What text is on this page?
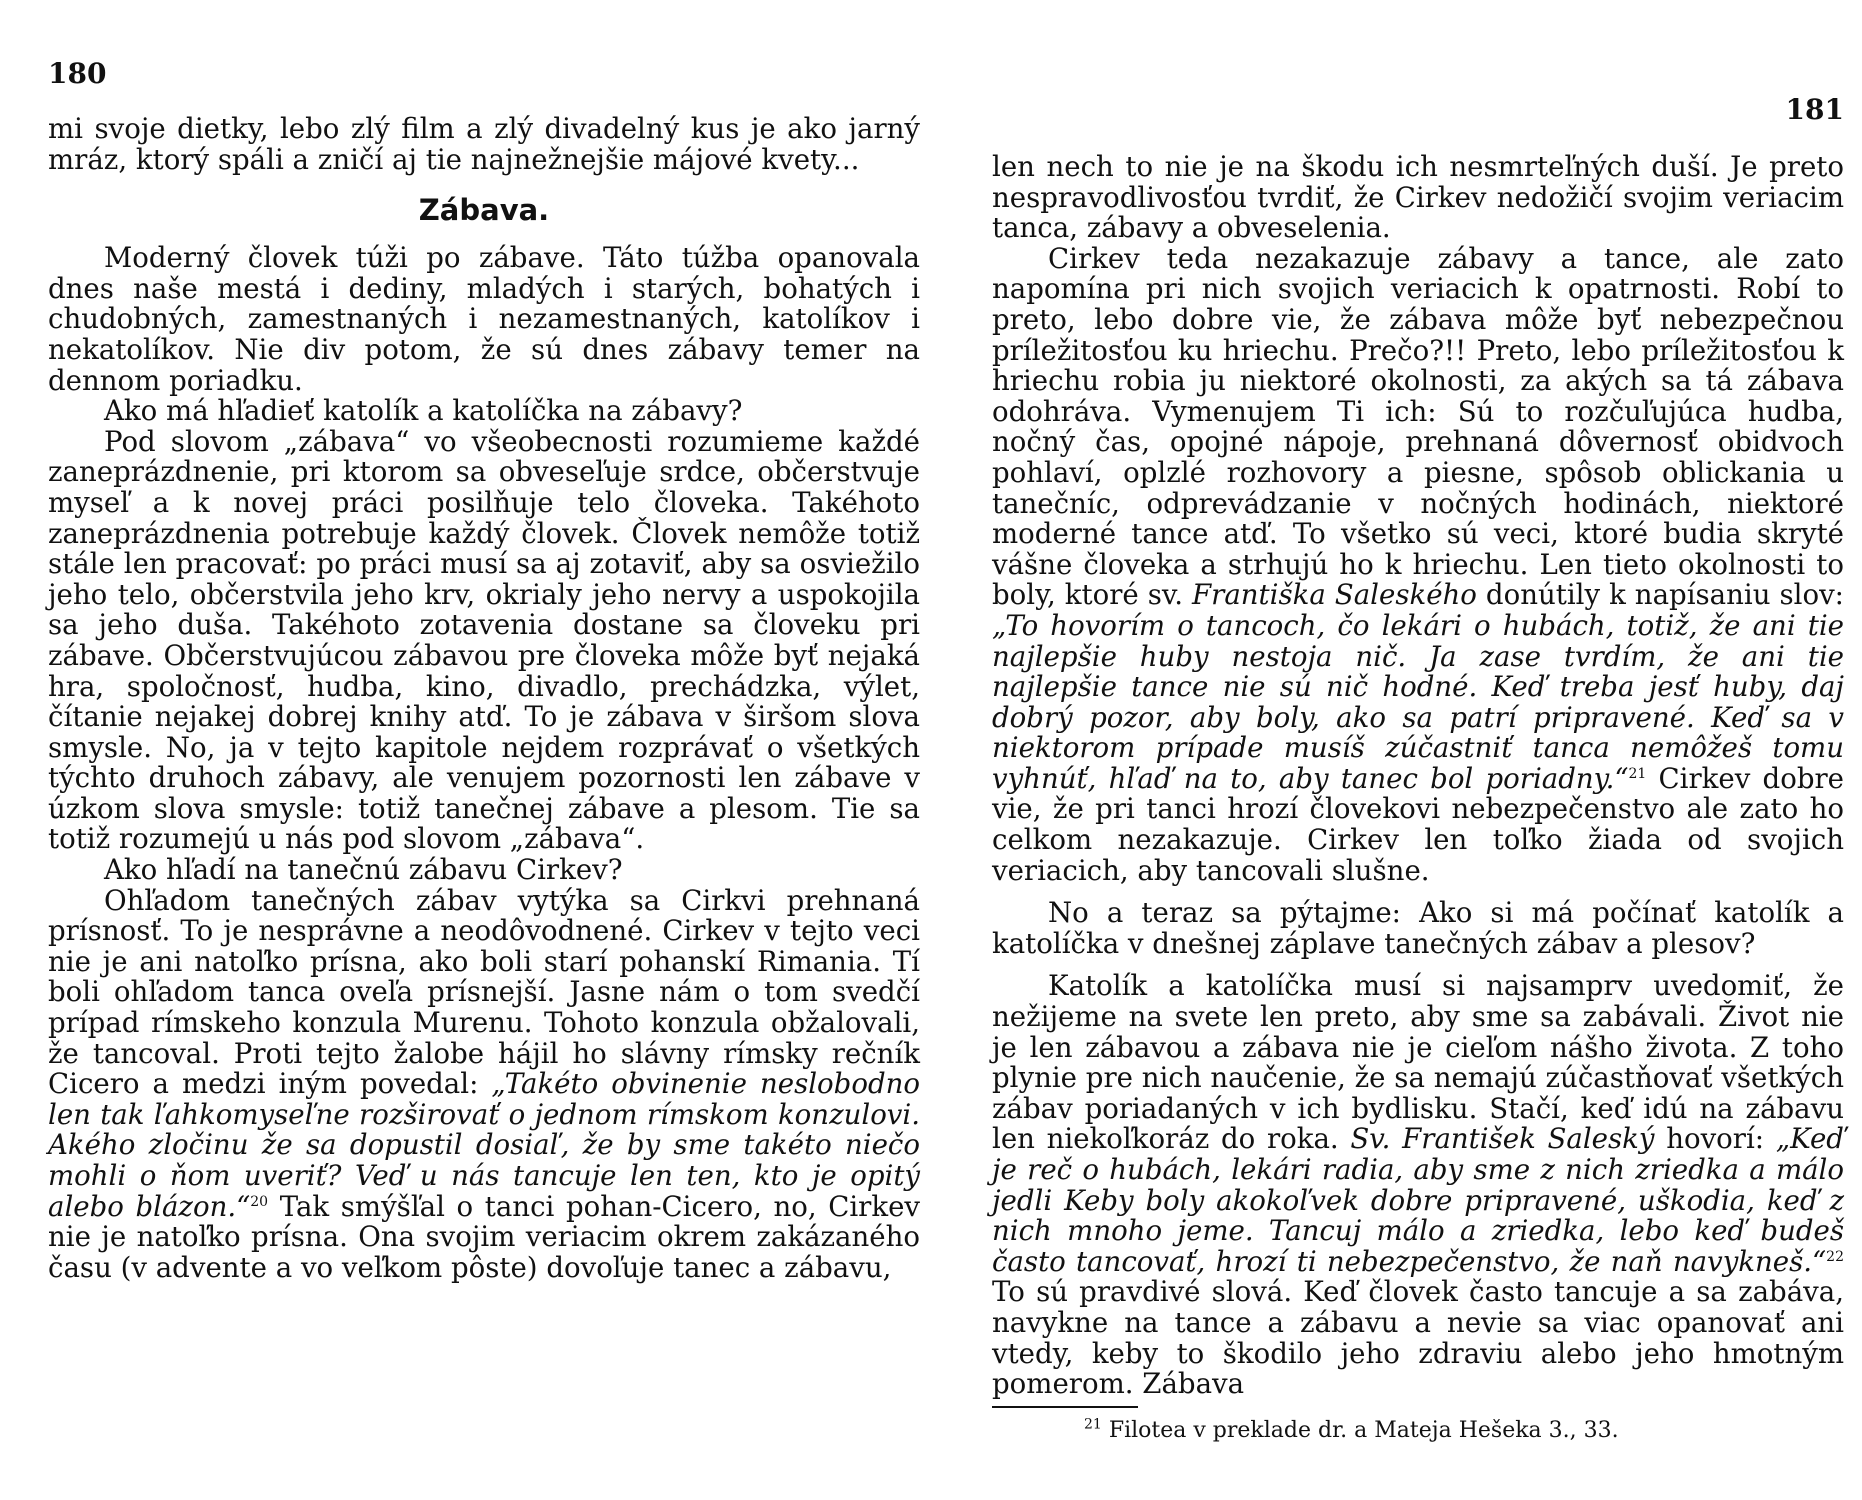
180

mi svoje dietky, lebo zlý film a zlý divadelný kus je ako jarný mráz, ktorý spáli a zničí aj tie najnežnejšie májové kvety...

Zábava.

Moderný človek túži po zábave. Táto túžba opanovala dnes naše mestá i dediny, mladých i starých, bohatých i chudobných, zamestnaných i nezamestnaných, katolíkov i nekatolíkov. Nie div potom, že sú dnes zábavy temer na dennom poriadku.

Ako má hľadieť katolík a katolíčka na zábavy?

Pod slovom „zábava“ vo všeobecnosti rozumieme každé zaneprázdnenie, pri ktorom sa obveseľuje srdce, občerstvuje myseľ a k novej práci posilňuje telo človeka. Takéhoto zaneprázdnenia potrebuje každý človek. Človek nemôže totiž stále len pracovať: po práci musí sa aj zotaviť, aby sa osviežilo jeho telo, občerstvila jeho krv, okrialy jeho nervy a uspokojila sa jeho duša. Takéhoto zotavenia dostane sa človeku pri zábave. Občerstvujúcou zábavou pre človeka môže byť nejaká hra, spoločnosť, hudba, kino, divadlo, prechádzka, výlet, čítanie nejakej dobrej knihy atď. To je zábava v širšom slova smysle. No, ja v tejto kapitole nejdem rozprávať o všetkých týchto druhoch zábavy, ale venujem pozornosti len zábave v úzkom slova smysle: totiž tanečnej zábave a plesom. Tie sa totiž rozumejú u nás pod slovom „zábava“.

Ako hľadí na tanečnú zábavu Cirkev?

Ohľadom tanečných zábav vytýka sa Cirkvi prehnaná prísnosť. To je nesprávne a neodôvodnené. Cirkev v tejto veci nie je ani natoľko prísna, ako boli starí pohanskí Rimania. Tí boli ohľadom tanca oveľa prísnejší. Jasne nám o tom svedčí prípad rímskeho konzula Murenu. Tohoto konzula obžalovali, že tancoval. Proti tejto žalobe hájil ho slávny rímsky rečník Cicero a medzi iným povedal: „Takéto obvinenie neslobodno len tak ľahkomyseľne rozširovať o jednom rímskom konzulovi. Akého zločinu že sa dopustil dosiaľ, že by sme takéto niečo mohli o ňom uveriť? Veď u nás tancuje len ten, kto je opitý alebo blázon.“$^{20}$ Tak smýšľal o tanci pohan-Cicero, no, Cirkev nie je natoľko prísna. Ona svojim veriacim okrem zakázaného času (v advente a vo veľkom pôste) dovoľuje tanec a zábavu,

181

len nech to nie je na škodu ich nesmrteľných duší. Je preto nespravodlivosťou tvrdiť, že Cirkev nedožičí svojim veriacim tanca, zábavy a obveselenia.

Cirkev teda nezakazuje zábavy a tance, ale zato napomína pri nich svojich veriacich k opatrnosti. Robí to preto, lebo dobre vie, že zábava môže byť nebezpečnou príležitosťou ku hriechu. Prečo?!! Preto, lebo príležitosťou k hriechu robia ju niektoré okolnosti, za akých sa tá zábava odohráva. Vymenujem Ti ich: Sú to rozčuľujúca hudba, nočný čas, opojné nápoje, prehnaná dôvernosť obidvoch pohlaví, oplzlé rozhovory a piesne, spôsob oblickania u tanečníc, odprevádzanie v nočných hodinách, niektoré moderné tance atď. To všetko sú veci, ktoré budia skryté vášne človeka a strhujú ho k hriechu. Len tieto okolnosti to boly, ktoré sv. Františka Saleského donútily k napísaniu slov: „To hovorím o tancoch, čo lekári o hubách, totiž, že ani tie najlepšie huby nestoja nič. Ja zase tvrdím, že ani tie najlepšie tance nie sú nič hodné. Keď treba jesť huby, daj dobrý pozor, aby boly, ako sa patrí pripravené. Keď sa v niektorom prípade musíš zúčastniť tanca nemôžeš tomu vyhnúť, hľaď na to, aby tanec bol poriadny.“$^{21}$ Cirkev dobre vie, že pri tanci hrozí človekovi nebezpečenstvo ale zato ho celkom nezakazuje. Cirkev len toľko žiada od svojich veriacich, aby tancovali slušne.

No a teraz sa pýtajme: Ako si má počínať katolík a katolíčka v dnešnej záplave tanečných zábav a plesov?

Katolík a katolíčka musí si najsamprv uvedomiť, že nežijeme na svete len preto, aby sme sa zabávali. Život nie je len zábavou a zábava nie je cieľom nášho života. Z toho plynie pre nich naučenie, že sa nemajú zúčastňovať všetkých zábav poriadaných v ich bydlisku. Stačí, keď idú na zábavu len niekoľkoráz do roka. Sv. František Saleský hovorí: „Keď je reč o hubách, lekári radia, aby sme z nich zriedka a málo jedli Keby boly akokoľvek dobre pripravené, uškodia, keď z nich mnoho jeme. Tancuj málo a zriedka, lebo keď budeš často tancovať, hrozí ti nebezpečenstvo, že naň navykneš.“$^{22}$ To sú pravdivé slová. Keď človek často tancuje a sa zabáva, navykne na tance a zábavu a nevie sa viac opanovať ani vtedy, keby to škodilo jeho zdraviu alebo jeho hmotným pomerom. Zábava

$^{21}$ Filotea v preklade dr. a Mateja Hešeka 3., 33.
